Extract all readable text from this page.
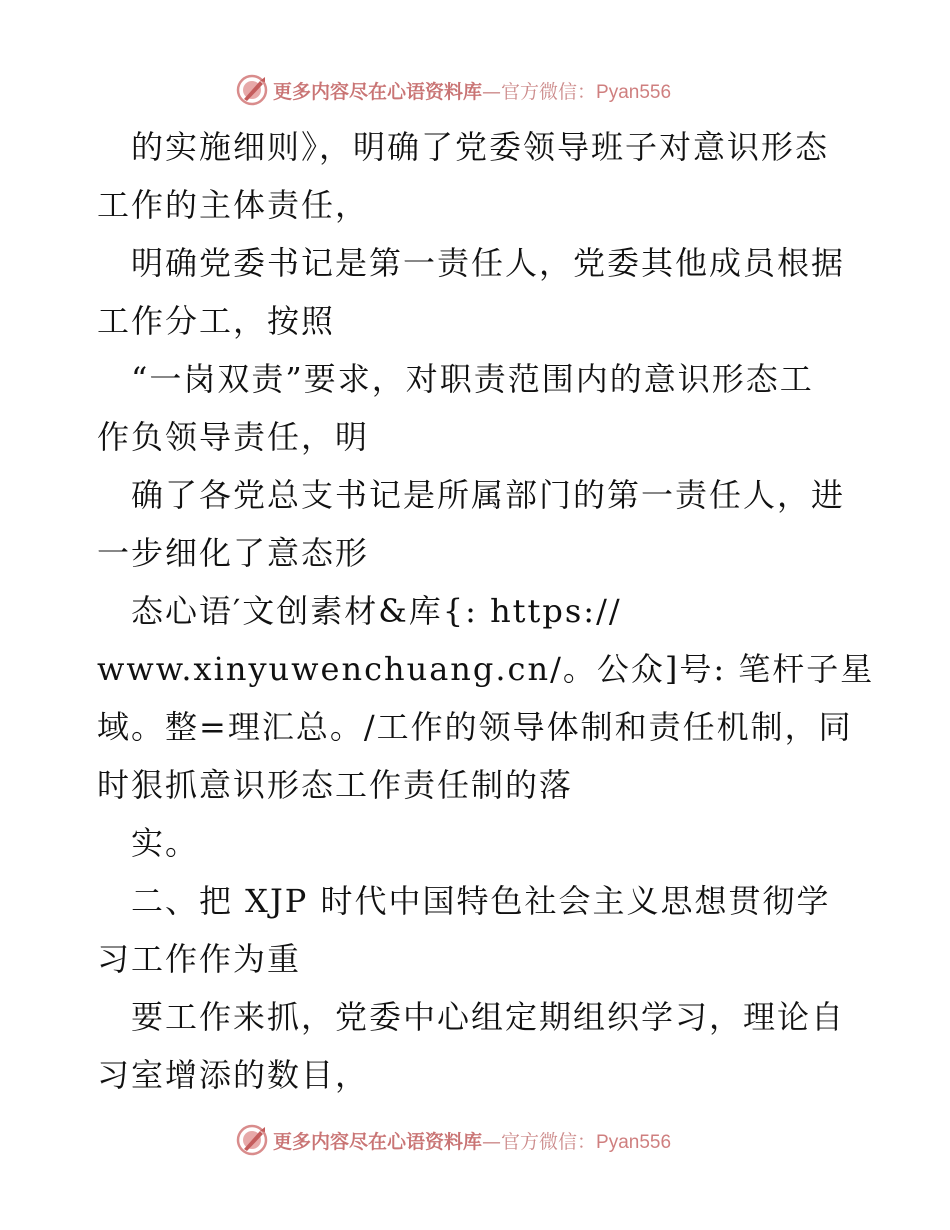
更多内容尽在心语资料库—官方微信：Pyan556
　的实施细则》，明确了党委领导班子对意识形态
工作的主体责任，
　明确党委书记是第一责任人，党委其他成员根据
工作分工，按照
　“一岗双责”要求，对职责范围内的意识形态工
作负领导责任，明
　确了各党总支书记是所属部门的第一责任人，进
一步细化了意态形
　态心语′文创素材&库{: https://
www.xinyuwenchuang.cn/。公众]号: 笔杆子星
域。整=理汇总。/工作的领导体制和责任机制，同
时狠抓意识形态工作责任制的落
　实。
　二、把 XJP 时代中国特色社会主义思想贯彻学
习工作作为重
　要工作来抓，党委中心组定期组织学习，理论自
习室增添的数目，
更多内容尽在心语资料库—官方微信：Pyan556
